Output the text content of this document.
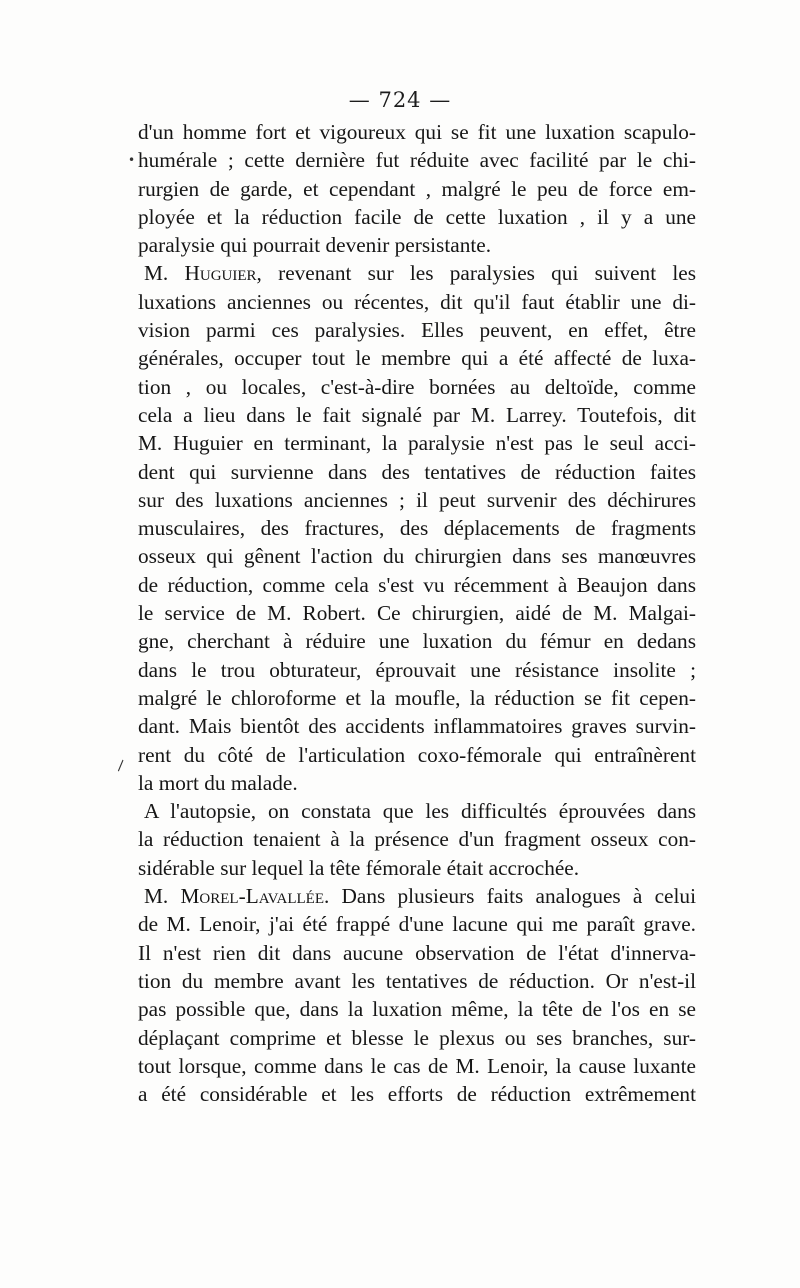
— 724 —
•
\
d'un homme fort et vigoureux qui se fit une luxation scapulo-
humérale ; cette dernière fut réduite avec facilité par le chi-
rurgien de garde, et cependant , malgré le peu de force em-
ployée et la réduction facile de cette luxation , il y a une
paralysie qui pourrait devenir persistante.
M. Huguier, revenant sur les paralysies qui suivent les
luxations anciennes ou récentes, dit qu'il faut établir une di-
vision parmi ces paralysies. Elles peuvent, en effet, être
générales, occuper tout le membre qui a été affecté de luxa-
tion , ou locales, c'est-à-dire bornées au deltoïde, comme
cela a lieu dans le fait signalé par M. Larrey. Toutefois, dit
M. Huguier en terminant, la paralysie n'est pas le seul acci-
dent qui survienne dans des tentatives de réduction faites
sur des luxations anciennes ; il peut survenir des déchirures
musculaires, des fractures, des déplacements de fragments
osseux qui gênent l'action du chirurgien dans ses manœuvres
de réduction, comme cela s'est vu récemment à Beaujon dans
le service de M. Robert. Ce chirurgien, aidé de M. Malgai-
gne, cherchant à réduire une luxation du fémur en dedans
dans le trou obturateur, éprouvait une résistance insolite ;
malgré le chloroforme et la moufle, la réduction se fit cepen-
dant. Mais bientôt des accidents inflammatoires graves survin-
rent du côté de l'articulation coxo-fémorale qui entraînèrent
la mort du malade.
A l'autopsie, on constata que les difficultés éprouvées dans
la réduction tenaient à la présence d'un fragment osseux con-
sidérable sur lequel la tête fémorale était accrochée.
M. Morel-Lavallée. Dans plusieurs faits analogues à celui
de M. Lenoir, j'ai été frappé d'une lacune qui me paraît grave.
Il n'est rien dit dans aucune observation de l'état d'innerva-
tion du membre avant les tentatives de réduction. Or n'est-il
pas possible que, dans la luxation même, la tête de l'os en se
déplaçant comprime et blesse le plexus ou ses branches, sur-
tout lorsque, comme dans le cas de M. Lenoir, la cause luxante
a été considérable et les efforts de réduction extrêmement
